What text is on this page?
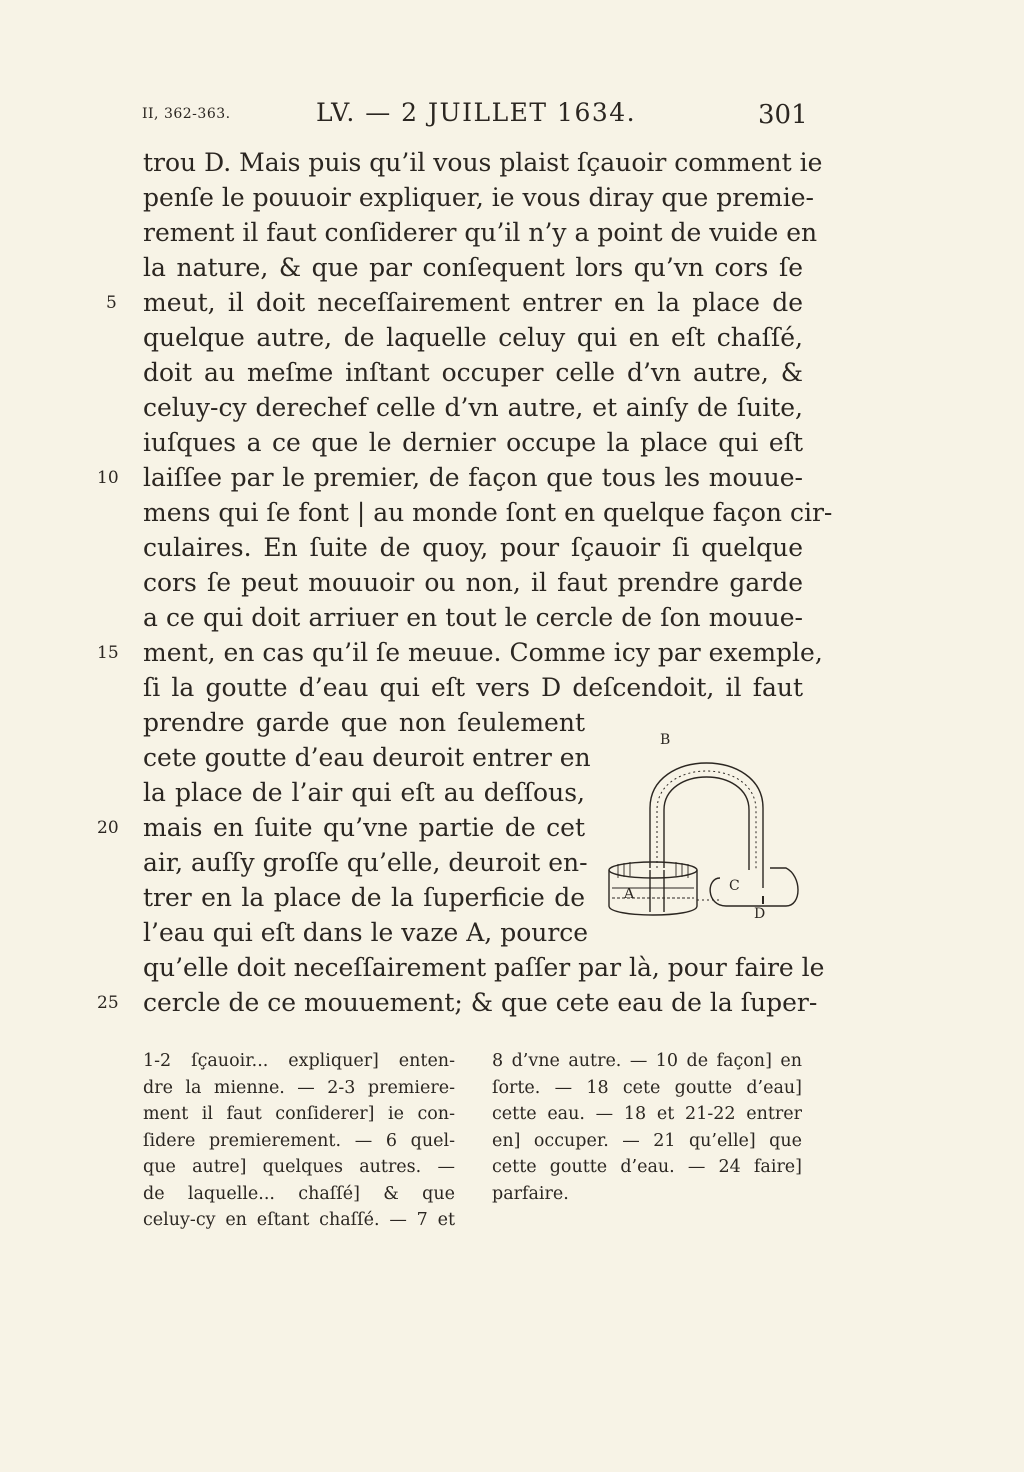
II, 362-363.	LV. — 2 JUILLET 1634.	301
trou D. Mais puis qu’il vous plaist ſçauoir comment ie
penſe le pouuoir expliquer, ie vous diray que premie-
rement il faut conſiderer qu’il n’y a point de vuide en
la nature, & que par conſequent lors qu’vn cors ſe
meut, il doit neceſſairement entrer en la place de
quelque autre, de laquelle celuy qui en eſt chaſſé,
doit au meſme inſtant occuper celle d’vn autre, &
celuy-cy derechef celle d’vn autre, et ainſy de ſuite,
iuſques a ce que le dernier occupe la place qui eſt
laiſſee par le premier, de façon que tous les mouue-
mens qui ſe font | au monde ſont en quelque façon cir-
culaires. En ſuite de quoy, pour ſçauoir ſi quelque
cors ſe peut mouuoir ou non, il faut prendre garde
a ce qui doit arriuer en tout le cercle de ſon mouue-
ment, en cas qu’il ſe meuue. Comme icy par exemple,
ſi la goutte d’eau qui eſt vers D deſcendoit, il faut
prendre garde que non ſeulement
cete goutte d’eau deuroit entrer en
la place de l’air qui eſt au deſſous,
mais en ſuite qu’vne partie de cet
air, auſſy groſſe qu’elle, deuroit en-
trer en la place de la ſuperficie de
l’eau qui eſt dans le vaze A, pource
qu’elle doit neceſſairement paſſer par là, pour faire le
cercle de ce mouuement; & que cete eau de la ſuper-
5
10
15
20
25
B
A	C
D
1-2 ſçauoir... expliquer] enten-
dre la mienne. — 2-3 premiere-
ment il faut conſiderer] ie con-
ſidere premierement. — 6 quel-
que autre] quelques autres. —
de laquelle... chaſſé] & que
celuy-cy en eſtant chaſſé. — 7 et
8 d’vne autre. — 10 de façon] en
ſorte. — 18 cete goutte d’eau]
cette eau. — 18 et 21-22 entrer
en] occuper. — 21 qu’elle] que
cette goutte d’eau. — 24 faire]
parfaire.
